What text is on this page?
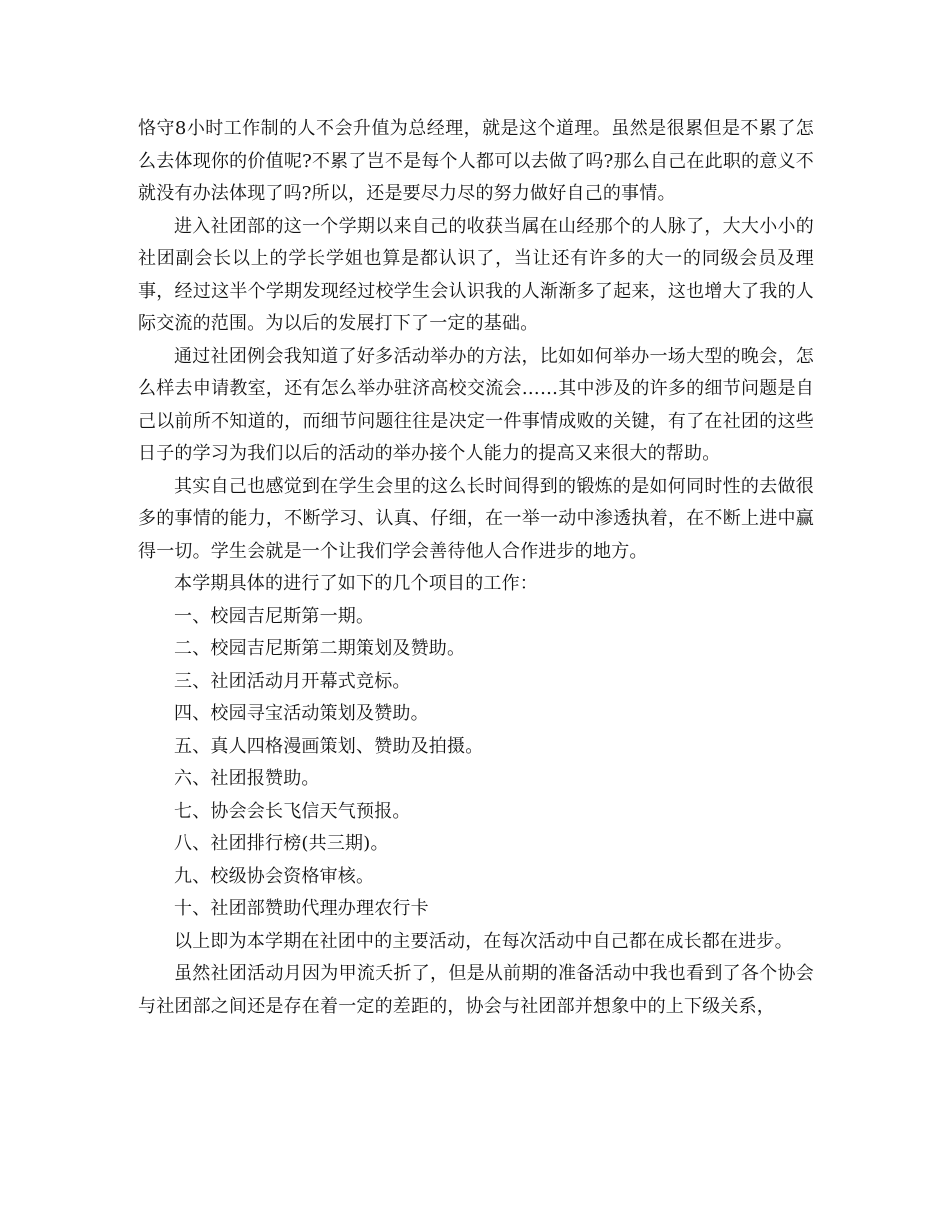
恪守8小时工作制的人不会升值为总经理，就是这个道理。虽然是很累但是不累了怎么去体现你的价值呢?不累了岂不是每个人都可以去做了吗?那么自己在此职的意义不就没有办法体现了吗?所以，还是要尽力尽的努力做好自己的事情。

进入社团部的这一个学期以来自己的收获当属在山经那个的人脉了，大大小小的社团副会长以上的学长学姐也算是都认识了，当让还有许多的大一的同级会员及理事，经过这半个学期发现经过校学生会认识我的人渐渐多了起来，这也增大了我的人际交流的范围。为以后的发展打下了一定的基础。

通过社团例会我知道了好多活动举办的方法，比如如何举办一场大型的晚会，怎么样去申请教室，还有怎么举办驻济高校交流会……其中涉及的许多的细节问题是自己以前所不知道的，而细节问题往往是决定一件事情成败的关键，有了在社团的这些日子的学习为我们以后的活动的举办接个人能力的提高又来很大的帮助。

其实自己也感觉到在学生会里的这么长时间得到的锻炼的是如何同时性的去做很多的事情的能力，不断学习、认真、仔细，在一举一动中渗透执着，在不断上进中赢得一切。学生会就是一个让我们学会善待他人合作进步的地方。

本学期具体的进行了如下的几个项目的工作：

一、校园吉尼斯第一期。

二、校园吉尼斯第二期策划及赞助。

三、社团活动月开幕式竞标。

四、校园寻宝活动策划及赞助。

五、真人四格漫画策划、赞助及拍摄。

六、社团报赞助。

七、协会会长飞信天气预报。

八、社团排行榜(共三期)。

九、校级协会资格审核。

十、社团部赞助代理办理农行卡

以上即为本学期在社团中的主要活动，在每次活动中自己都在成长都在进步。

虽然社团活动月因为甲流夭折了，但是从前期的准备活动中我也看到了各个协会与社团部之间还是存在着一定的差距的，协会与社团部并想象中的上下级关系，
